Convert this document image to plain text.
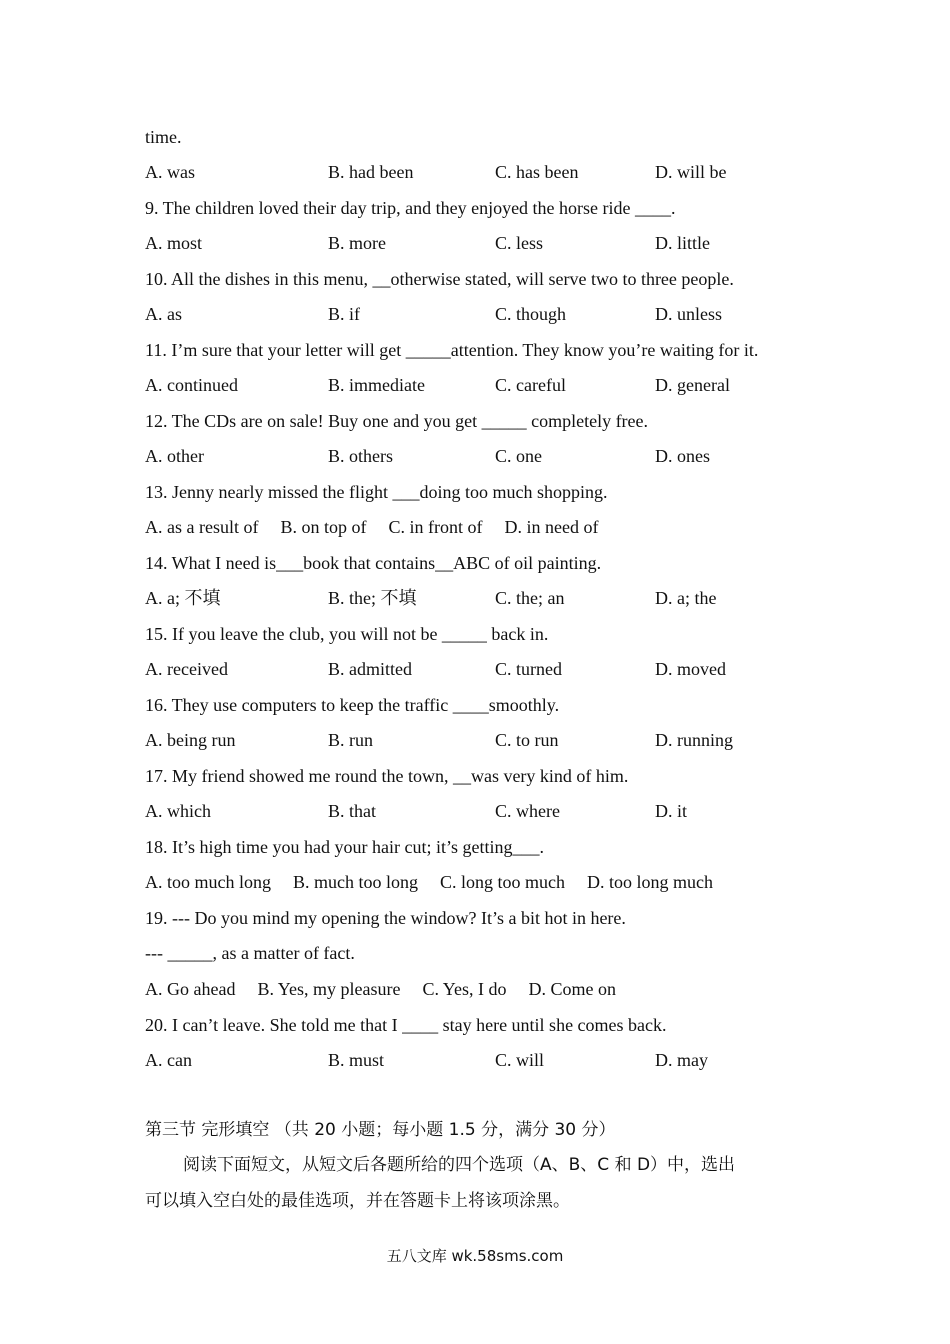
time.
A. was	B. had been	C. has been	D. will be
9. The children loved their day trip, and they enjoyed the horse ride ____.
A. most	B. more	C. less	D. little
10. All the dishes in this menu, __otherwise stated, will serve two to three people.
A. as	B. if	C. though	D. unless
11. I’m sure that your letter will get _____attention. They know you’re waiting for it.
A. continued	B. immediate	C. careful	D. general
12. The CDs are on sale! Buy one and you get _____ completely free.
A. other	B. others	C. one	D. ones
13. Jenny nearly missed the flight ___doing too much shopping.
A. as a result of B. on top of C. in front of D. in need of
14. What I need is___book that contains__ABC of oil painting.
A. a; 不填	B. the; 不填	C. the; an	D. a; the
15. If you leave the club, you will not be _____ back in.
A. received	B. admitted	C. turned	D. moved
16. They use computers to keep the traffic ____smoothly.
A. being run	B. run	C. to run	D. running
17. My friend showed me round the town, __was very kind of him.
A. which	B. that	C. where	D. it
18. It’s high time you had your hair cut; it’s getting___.
A. too much long B. much too long C. long too much D. too long much
19. --- Do you mind my opening the window? It’s a bit hot in here.
--- _____, as a matter of fact.
A. Go ahead B. Yes, my pleasure C. Yes, I do D. Come on
20. I can’t leave. She told me that I ____ stay here until she comes back.
A. can	B. must	C. will	D. may
第三节 完形填空 （共 20 小题；每小题 1.5 分，满分 30 分）
阅读下面短文，从短文后各题所给的四个选项（A、B、C 和 D）中，选出
可以填入空白处的最佳选项，并在答题卡上将该项涂黑。
五八文库 wk.58sms.com
